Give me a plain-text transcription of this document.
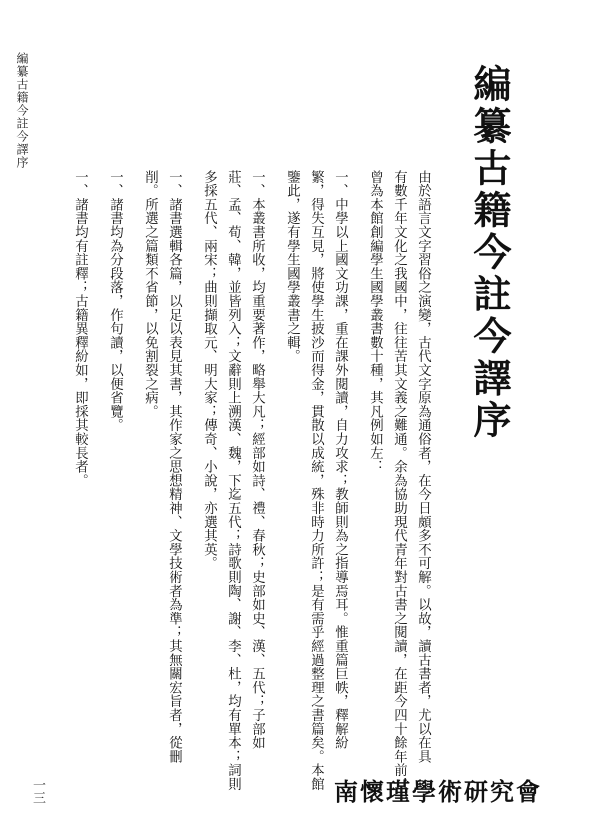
編纂古籍今註今譯序	編纂古籍今註今譯序
由於語言文字習俗之演變，古代文字原為通俗者，在今日頗多不可解。以故，讀古書者，尤以在具
有數千年文化之我國中，往往苦其文義之難通。余為協助現代青年對古書之閱讀，在距今四十餘年前，
曾為本館創編學生國學叢書數十種，其凡例如左：
一、中學以上國文功課，重在課外閱讀，自力攻求；教師則為之指導焉耳。惟重篇巨帙，釋解紛
繁，得失互見，將使學生披沙而得金，貫散以成統，殊非時力所許；是有需乎經過整理之書篇矣。本館
鑒此，遂有學生國學叢書之輯。
一、本叢書所收，均重要著作，略舉大凡；經部如詩、禮、春秋；史部如史、漢、五代；子部如
莊、孟、荀、韓，並皆列入；文辭則上溯漢、魏，下迄五代；詩歌則陶、謝、李、杜，均有單本；詞則
多採五代、兩宋；曲則擷取元、明大家；傳奇、小說，亦選其英。
一、諸書選輯各篇，以足以表見其書，其作家之思想精神、文學技術者為準；其無關宏旨者，從刪
削。所選之篇類不省節，以免割裂之病。
一、諸書均為分段落，作句讀，以便省覽。
一、諸書均有註釋；古籍異釋紛如，即採其較長者。
一三	南懷瑾學術研究會
